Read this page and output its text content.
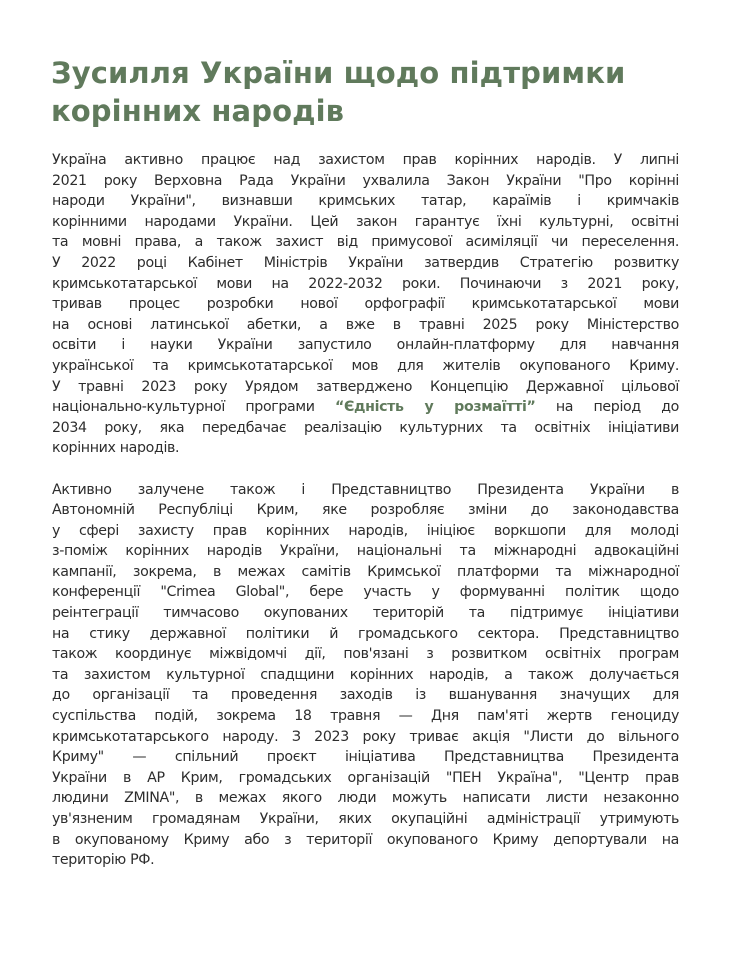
Зусилля України щодо підтримки
корінних народів

Україна активно працює над захистом прав корінних народів. У липні
2021 року Верховна Рада України ухвалила Закон України "Про корінні
народи України", визнавши кримських татар, караїмів і кримчаків
корінними народами України. Цей закон гарантує їхні культурні, освітні
та мовні права, а також захист від примусової асиміляції чи переселення.
У 2022 році Кабінет Міністрів України затвердив Стратегію розвитку
кримськотатарської мови на 2022-2032 роки. Починаючи з 2021 року,
тривав процес розробки нової орфографії кримськотатарської мови
на основі латинської абетки, а вже в травні 2025 року Міністерство
освіти і науки України запустило онлайн-платформу для навчання
української та кримськотатарської мов для жителів окупованого Криму.
У травні 2023 року Урядом затверджено Концепцію Державної цільової
національно-культурної програми “Єдність у розмаїтті” на період до
2034 року, яка передбачає реалізацію культурних та освітніх ініціативи
корінних народів.

Активно залучене також і Представництво Президента України в
Автономній Республіці Крим, яке розробляє зміни до законодавства
у сфері захисту прав корінних народів, ініціює воркшопи для молоді
з-поміж корінних народів України, національні та міжнародні адвокаційні
кампанії, зокрема, в межах самітів Кримської платформи та міжнародної
конференції "Crimea Global", бере участь у формуванні політик щодо
реінтеграції тимчасово окупованих територій та підтримує ініціативи
на стику державної політики й громадського сектора. Представництво
також координує міжвідомчі дії, пов'язані з розвитком освітніх програм
та захистом культурної спадщини корінних народів, а також долучається
до організації та проведення заходів із вшанування значущих для
суспільства подій, зокрема 18 травня — Дня пам'яті жертв геноциду
кримськотатарського народу. З 2023 року триває акція "Листи до вільного
Криму" — спільний проєкт ініціатива Представництва Президента
України в АР Крим, громадських організацій "ПЕН Україна", "Центр прав
людини ZMINA", в межах якого люди можуть написати листи незаконно
ув'язненим громадянам України, яких окупаційні адміністрації утримують
в окупованому Криму або з території окупованого Криму депортували на
територію РФ.
